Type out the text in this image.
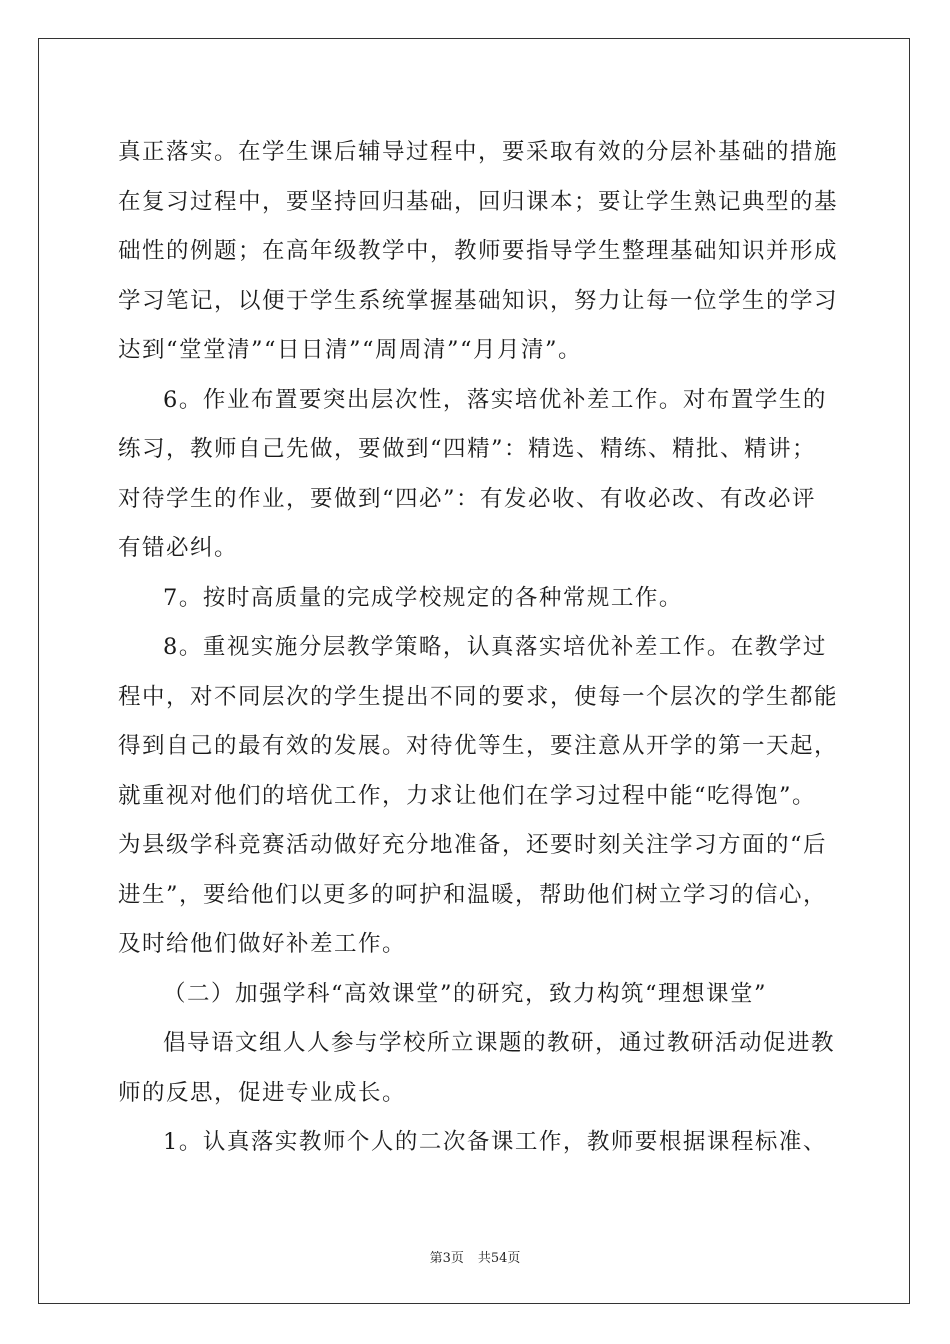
真正落实。在学生课后辅导过程中，要采取有效的分层补基础的措施
在复习过程中，要坚持回归基础，回归课本；要让学生熟记典型的基
础性的例题；在高年级教学中，教师要指导学生整理基础知识并形成
学习笔记，以便于学生系统掌握基础知识，努力让每一位学生的学习
达到“堂堂清”“日日清”“周周清”“月月清”。
6。作业布置要突出层次性，落实培优补差工作。对布置学生的
练习，教师自己先做，要做到“四精”：精选、精练、精批、精讲；
对待学生的作业，要做到“四必”：有发必收、有收必改、有改必评
有错必纠。
7。按时高质量的完成学校规定的各种常规工作。
8。重视实施分层教学策略，认真落实培优补差工作。在教学过
程中，对不同层次的学生提出不同的要求，使每一个层次的学生都能
得到自己的最有效的发展。对待优等生，要注意从开学的第一天起，
就重视对他们的培优工作，力求让他们在学习过程中能“吃得饱”。
为县级学科竞赛活动做好充分地准备，还要时刻关注学习方面的“后
进生”，要给他们以更多的呵护和温暖，帮助他们树立学习的信心，
及时给他们做好补差工作。
（二）加强学科“高效课堂”的研究，致力构筑“理想课堂”
倡导语文组人人参与学校所立课题的教研，通过教研活动促进教
师的反思，促进专业成长。
1。认真落实教师个人的二次备课工作，教师要根据课程标准、
第3页 共54页
